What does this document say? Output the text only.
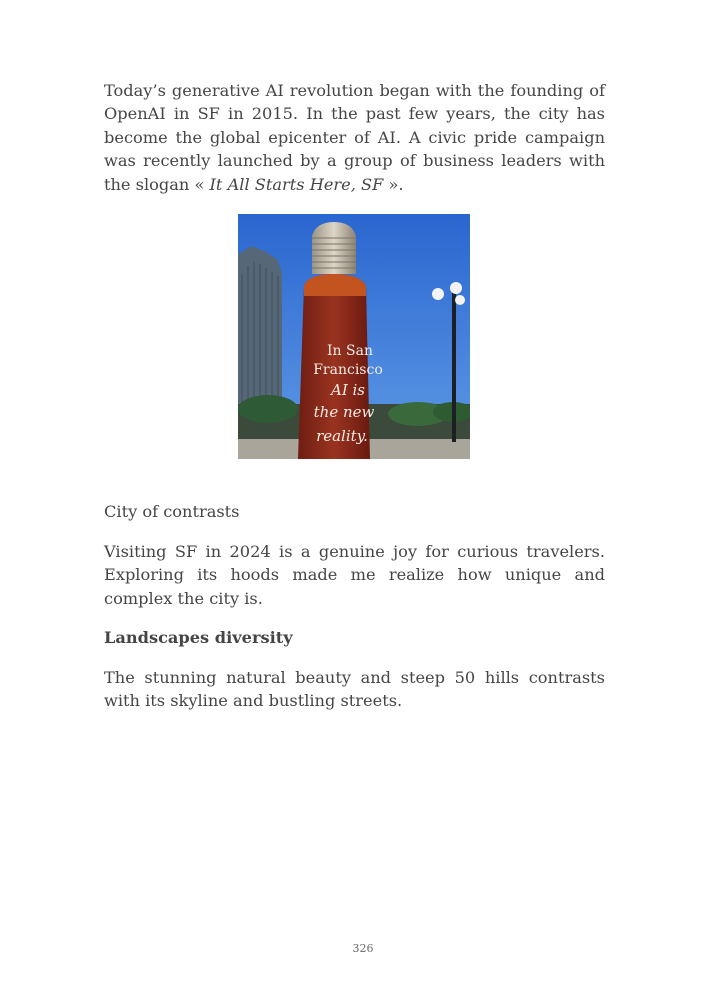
Today’s generative AI revolution began with the founding of OpenAI in SF in 2015. In the past few years, the city has become the global epicenter of AI. A civic pride campaign was recently launched by a group of business leaders with the slogan « It All Starts Here, SF ».

In San
Francisco
AI is
the new
reality.

City of contrasts

Visiting SF in 2024 is a genuine joy for curious travelers. Exploring its hoods made me realize how unique and complex the city is.

Landscapes diversity

The stunning natural beauty and steep 50 hills contrasts with its skyline and bustling streets.

326
